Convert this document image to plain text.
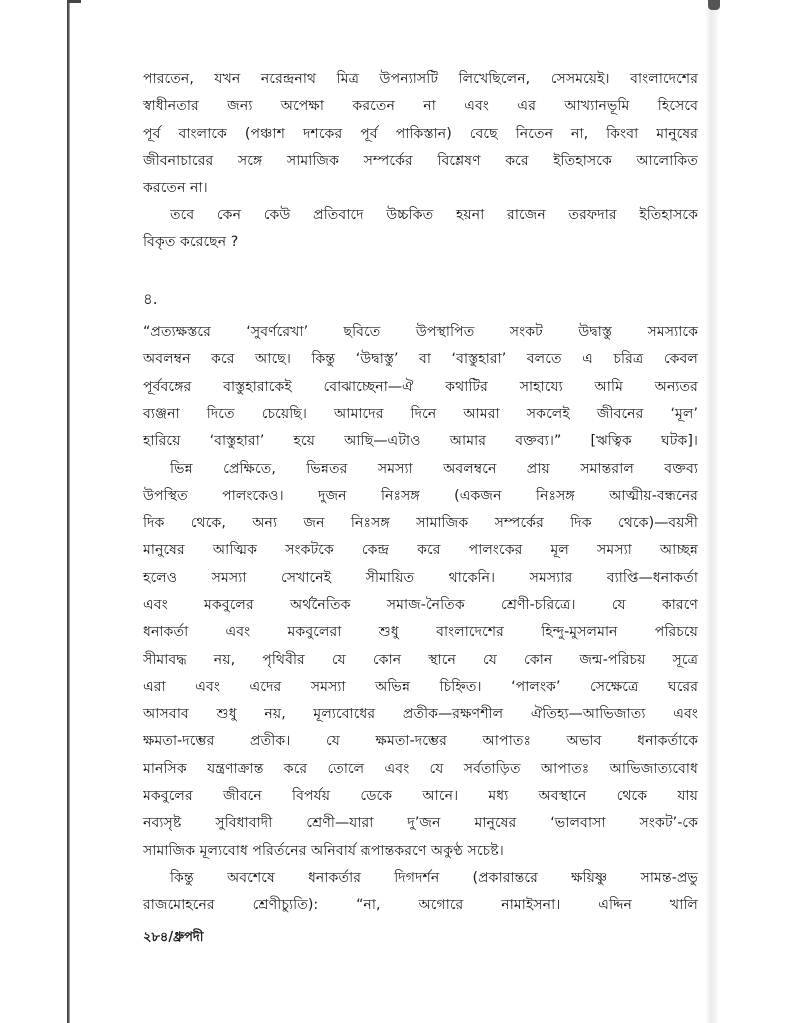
পারতেন, যখন নরেন্দ্রনাথ মিত্র উপন্যাসটি লিখেছিলেন, সেসময়েই। বাংলাদেশের
স্বাধীনতার জন্য অপেক্ষা করতেন না এবং এর আখ্যানভূমি হিসেবে
পূর্ব বাংলাকে (পঞ্চাশ দশকের পূর্ব পাকিস্তান) বেছে নিতেন না, কিংবা মানুষের
জীবনাচারের সঙ্গে সামাজিক সম্পর্কের বিশ্লেষণ করে ইতিহাসকে আলোকিত
করতেন না।
তবে কেন কেউ প্রতিবাদে উচ্চকিত হয়না রাজেন তরফদার ইতিহাসকে
বিকৃত করেছেন ?
৪.
“প্রত্যক্ষস্তরে ‘সুবর্ণরেখা’ ছবিতে উপস্থাপিত সংকট উদ্বাস্তু সমস্যাকে
অবলম্বন করে আছে। কিন্তু ‘উদ্বাস্তু’ বা ‘বাস্তুহারা’ বলতে এ চরিত্র কেবল
পূর্ববঙ্গের বাস্তুহারাকেই বোঝাচ্ছেনা—ঐ কথাটির সাহায্যে আমি অন্যতর
ব্যঞ্জনা দিতে চেয়েছি। আমাদের দিনে আমরা সকলেই জীবনের ‘মূল’
হারিয়ে ‘বাস্তুহারা’ হয়ে আছি—এটাও আমার বক্তব্য।” [ঋত্বিক ঘটক]।
ভিন্ন প্রেক্ষিতে, ভিন্নতর সমস্যা অবলম্বনে প্রায় সমান্তরাল বক্তব্য
উপস্থিত পালংকেও। দুজন নিঃসঙ্গ (একজন নিঃসঙ্গ আত্মীয়-বন্ধনের
দিক থেকে, অন্য জন নিঃসঙ্গ সামাজিক সম্পর্কের দিক থেকে)—বয়সী
মানুষের আত্মিক সংকটকে কেন্দ্র করে পালংকের মূল সমস্যা আচ্ছন্ন
হলেও সমস্যা সেখানেই সীমায়িত থাকেনি। সমস্যার ব্যাপ্তি—ধনাকর্তা
এবং মকবুলের অর্থনৈতিক সমাজ-নৈতিক শ্রেণী-চরিত্রে। যে কারণে
ধনাকর্তা এবং মকবুলেরা শুধু বাংলাদেশের হিন্দু-মুসলমান পরিচয়ে
সীমাবদ্ধ নয়, পৃথিবীর যে কোন স্থানে যে কোন জন্ম-পরিচয় সূত্রে
এরা এবং এদের সমস্যা অভিন্ন চিহ্নিত। ‘পালংক’ সেক্ষেত্রে ঘরের
আসবাব শুধু নয়, মূল্যবোধের প্রতীক—রক্ষণশীল ঐতিহ্য—আভিজাত্য এবং
ক্ষমতা-দম্ভের প্রতীক। যে ক্ষমতা-দম্ভের আপাতঃ অভাব ধনাকর্তাকে
মানসিক যন্ত্রণাক্রান্ত করে তোলে এবং যে সর্বতাড়িত আপাতঃ আভিজাত্যবোধ
মকবুলের জীবনে বিপর্যয় ডেকে আনে। মধ্য অবস্থানে থেকে যায়
নব্যসৃষ্ট সুবিধাবাদী শ্রেণী—যারা দু’জন মানুষের ‘ভালবাসা সংকট’-কে
সামাজিক মূল্যবোধ পরির্তনের অনিবার্য রূপান্তকরণে অকুণ্ঠ সচেষ্ট।
কিন্তু অবশেষে ধনাকর্তার দিগদর্শন (প্রকারান্তরে ক্ষয়িষ্ণু সামন্ত-প্রভু
রাজমোহনের শ্রেণীচ্যুতি): “না, অগোরে নামাইসনা। এদ্দিন খালি
২৮৪/ধ্রুপদী
